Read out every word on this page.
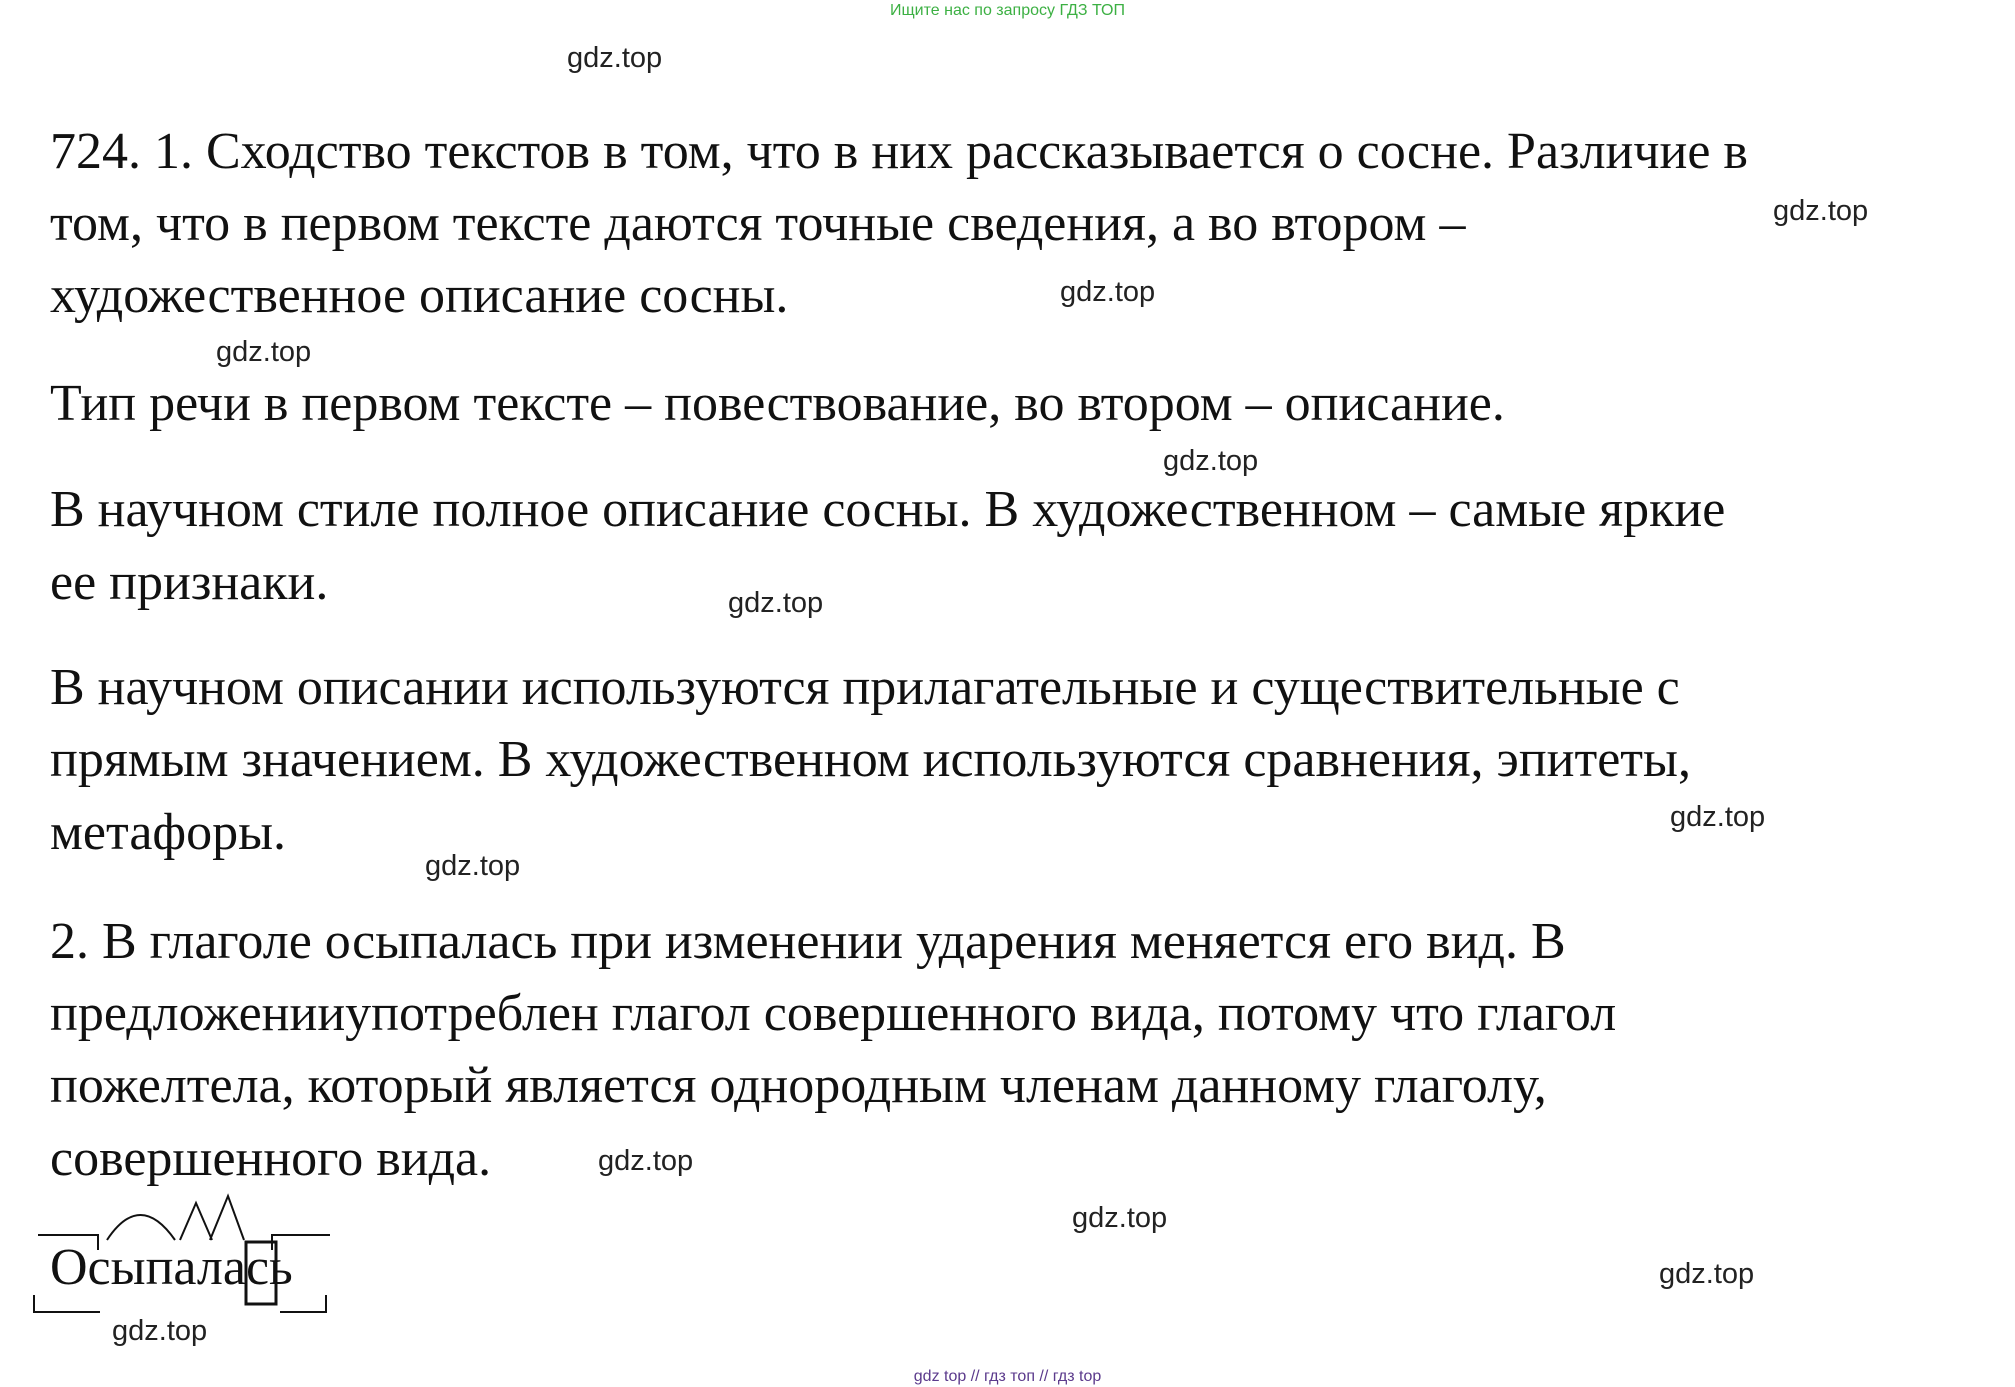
Ищите нас по запросу ГДЗ ТОП
gdz.top
724. 1. Сходство текстов в том, что в них рассказывается о сосне. Различие в
gdz.top
том, что в первом тексте даются точные сведения, а во втором –
художественное описание сосны.	gdz.top
gdz.top
Тип речи в первом тексте – повествование, во втором – описание.
gdz.top
В научном стиле полное описание сосны. В художественном – самые яркие
ее признаки.	gdz.top
В научном описании используются прилагательные и существительные с
прямым значением. В художественном используются сравнения, эпитеты,
метафоры.	gdz.top
gdz.top
2. В глаголе осыпалась при изменении ударения меняется его вид. В
предложенииупотреблен глагол совершенного вида, потому что глагол
пожелтела, который является однородным членам данному глаголу,
совершенного вида.	gdz.top
gdz.top
gdz.top
Осыпалась
gdz.top
gdz top // гдз топ // гдз top
